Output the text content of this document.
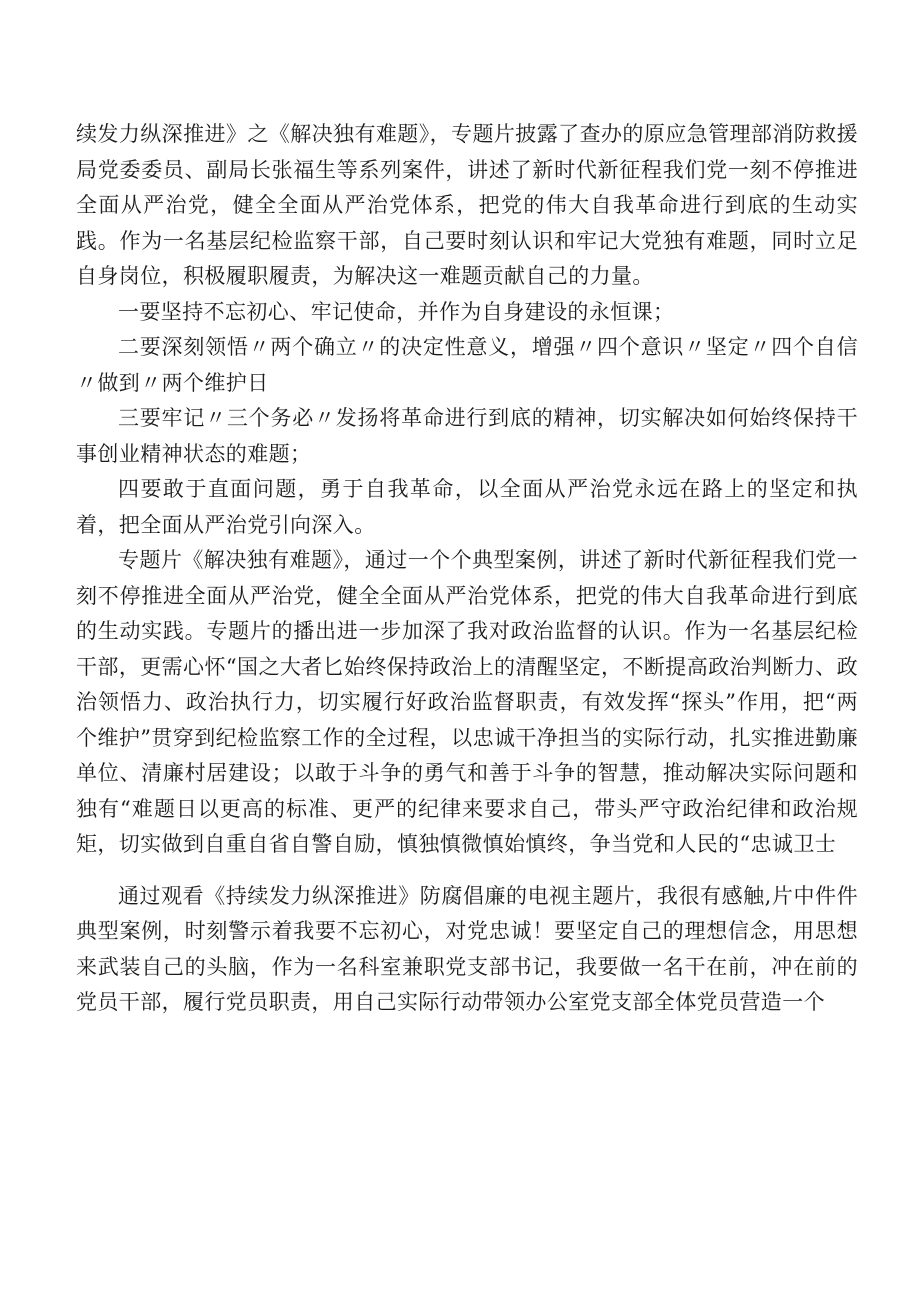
续发力纵深推进》之《解决独有难题》，专题片披露了查办的原应急管理部消防救援局党委委员、副局长张福生等系列案件，讲述了新时代新征程我们党一刻不停推进全面从严治党，健全全面从严治党体系，把党的伟大自我革命进行到底的生动实践。作为一名基层纪检监察干部，自己要时刻认识和牢记大党独有难题，同时立足自身岗位，积极履职履责，为解决这一难题贡献自己的力量。

一要坚持不忘初心、牢记使命，并作为自身建设的永恒课；

二要深刻领悟〃两个确立〃的决定性意义，增强〃四个意识〃坚定〃四个自信〃做到〃两个维护日

三要牢记〃三个务必〃发扬将革命进行到底的精神，切实解决如何始终保持干事创业精神状态的难题；

四要敢于直面问题，勇于自我革命，以全面从严治党永远在路上的坚定和执着，把全面从严治党引向深入。

专题片《解决独有难题》，通过一个个典型案例，讲述了新时代新征程我们党一刻不停推进全面从严治党，健全全面从严治党体系，把党的伟大自我革命进行到底的生动实践。专题片的播出进一步加深了我对政治监督的认识。作为一名基层纪检干部，更需心怀“国之大者匕始终保持政治上的清醒坚定，不断提高政治判断力、政治领悟力、政治执行力，切实履行好政治监督职责，有效发挥“探头”作用，把“两个维护”贯穿到纪检监察工作的全过程，以忠诚干净担当的实际行动，扎实推进勤廉单位、清廉村居建设；以敢于斗争的勇气和善于斗争的智慧，推动解决实际问题和独有“难题日以更高的标准、更严的纪律来要求自己，带头严守政治纪律和政治规矩，切实做到自重自省自警自励，慎独慎微慎始慎终，争当党和人民的“忠诚卫士

通过观看《持续发力纵深推进》防腐倡廉的电视主题片，我很有感触,片中件件典型案例，时刻警示着我要不忘初心，对党忠诚！要坚定自己的理想信念，用思想来武装自己的头脑，作为一名科室兼职党支部书记，我要做一名干在前，冲在前的党员干部，履行党员职责，用自己实际行动带领办公室党支部全体党员营造一个
